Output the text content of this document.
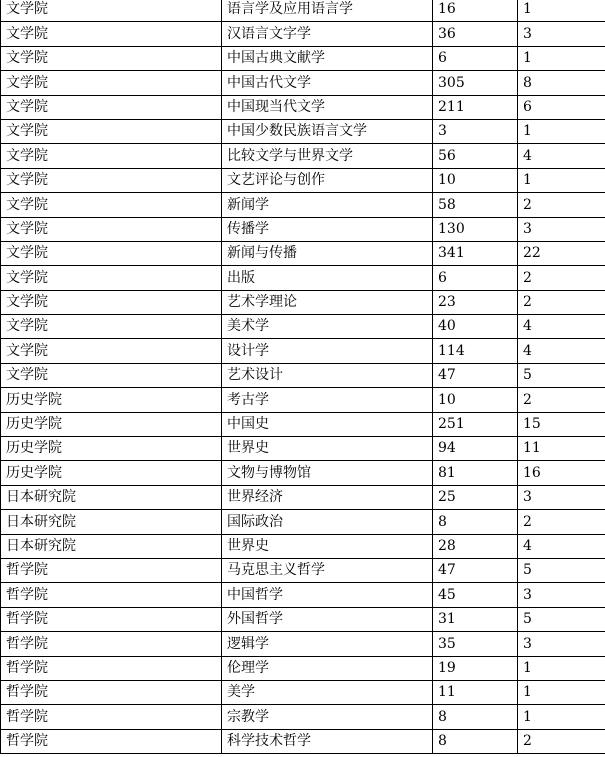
文学院	语言学及应用语言学	16	1
文学院	汉语言文字学	36	3
文学院	中国古典文献学	6	1
文学院	中国古代文学	305	8
文学院	中国现当代文学	211	6
文学院	中国少数民族语言文学	3	1
文学院	比较文学与世界文学	56	4
文学院	文艺评论与创作	10	1
文学院	新闻学	58	2
文学院	传播学	130	3
文学院	新闻与传播	341	22
文学院	出版	6	2
文学院	艺术学理论	23	2
文学院	美术学	40	4
文学院	设计学	114	4
文学院	艺术设计	47	5
历史学院	考古学	10	2
历史学院	中国史	251	15
历史学院	世界史	94	11
历史学院	文物与博物馆	81	16
日本研究院	世界经济	25	3
日本研究院	国际政治	8	2
日本研究院	世界史	28	4
哲学院	马克思主义哲学	47	5
哲学院	中国哲学	45	3
哲学院	外国哲学	31	5
哲学院	逻辑学	35	3
哲学院	伦理学	19	1
哲学院	美学	11	1
哲学院	宗教学	8	1
哲学院	科学技术哲学	8	2
